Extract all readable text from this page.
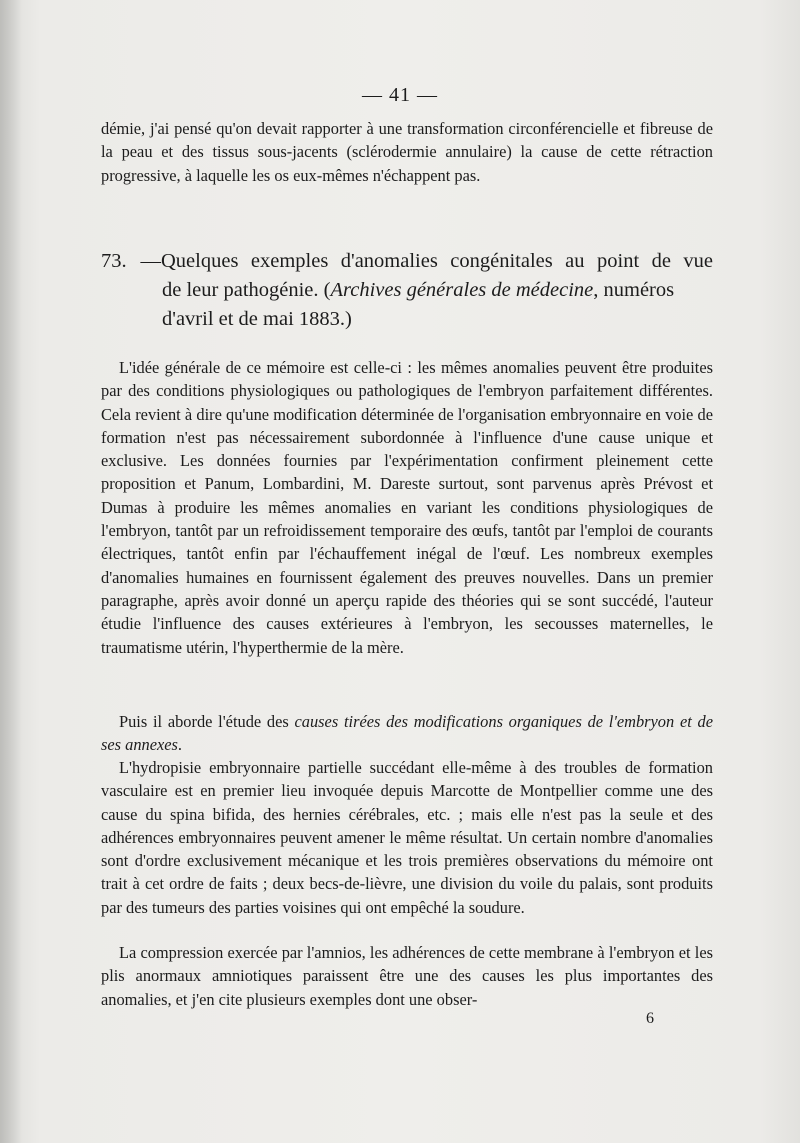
— 41 —

démie, j'ai pensé qu'on devait rapporter à une transformation circonférencielle et fibreuse de la peau et des tissus sous-jacents (sclérodermie annulaire) la cause de cette rétraction progressive, à laquelle les os eux-mêmes n'échappent pas.

73. —Quelques exemples d'anomalies congénitales au point de vue
de leur pathogénie. (Archives générales de médecine, numéros
d'avril et de mai 1883.)

L'idée générale de ce mémoire est celle-ci : les mêmes anomalies peuvent être produites par des conditions physiologiques ou pathologiques de l'embryon parfaitement différentes. Cela revient à dire qu'une modification déterminée de l'organisation embryonnaire en voie de formation n'est pas nécessairement subordonnée à l'influence d'une cause unique et exclusive. Les données fournies par l'expérimentation confirment pleinement cette proposition et Panum, Lombardini, M. Dareste surtout, sont parvenus après Prévost et Dumas à produire les mêmes anomalies en variant les conditions physiologiques de l'embryon, tantôt par un refroidissement temporaire des œufs, tantôt par l'emploi de courants électriques, tantôt enfin par l'échauffement inégal de l'œuf. Les nombreux exemples d'anomalies humaines en fournissent également des preuves nouvelles. Dans un premier paragraphe, après avoir donné un aperçu rapide des théories qui se sont succédé, l'auteur étudie l'influence des causes extérieures à l'embryon, les secousses maternelles, le traumatisme utérin, l'hyperthermie de la mère.

Puis il aborde l'étude des causes tirées des modifications organiques de l'embryon et de ses annexes.

L'hydropisie embryonnaire partielle succédant elle-même à des troubles de formation vasculaire est en premier lieu invoquée depuis Marcotte de Montpellier comme une des cause du spina bifida, des hernies cérébrales, etc. ; mais elle n'est pas la seule et des adhérences embryonnaires peuvent amener le même résultat. Un certain nombre d'anomalies sont d'ordre exclusivement mécanique et les trois premières observations du mémoire ont trait à cet ordre de faits ; deux becs-de-lièvre, une division du voile du palais, sont produits par des tumeurs des parties voisines qui ont empêché la soudure.

La compression exercée par l'amnios, les adhérences de cette membrane à l'embryon et les plis anormaux amniotiques paraissent être une des causes les plus importantes des anomalies, et j'en cite plusieurs exemples dont une obser-

6
